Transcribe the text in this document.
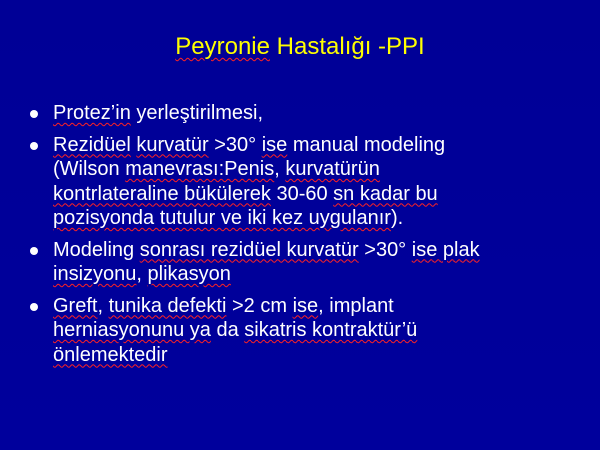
Peyronie Hastalığı -PPI
Protez’in yerleştirilmesi,
Rezidüel kurvatür >30° ise manual modeling
(Wilson manevrası:Penis, kurvatürün
kontrlateraline bükülerek 30-60 sn kadar bu
pozisyonda tutulur ve iki kez uygulanır).
Modeling sonrası rezidüel kurvatür >30° ise plak
insizyonu, plikasyon
Greft, tunika defekti >2 cm ise, implant
herniasyonunu ya da sikatris kontraktür’ü
önlemektedir
